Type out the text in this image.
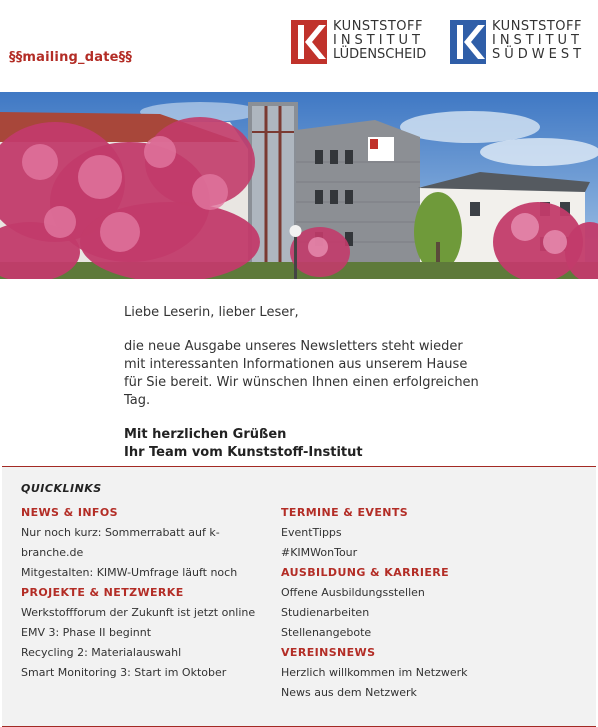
§§mailing_date§§
KUNSTSTOFF
INSTITUT
LÜDENSCHEID
KUNSTSTOFF
INSTITUT
SÜDWEST

Liebe Leserin, lieber Leser,

die neue Ausgabe unseres Newsletters steht wieder mit interessanten Informationen aus unserem Hause für Sie bereit. Wir wünschen Ihnen einen erfolgreichen Tag.

Mit herzlichen Grüßen

Ihr Team vom Kunststoff-Institut

QUICKLINKS
NEWS & INFOS
Nur noch kurz: Sommerrabatt auf k-
branche.de
Mitgestalten: KIMW-Umfrage läuft noch
PROJEKTE & NETZWERKE
Werkstoffforum der Zukunft ist jetzt online
EMV 3: Phase II beginnt
Recycling 2: Materialauswahl
Smart Monitoring 3: Start im Oktober
TERMINE & EVENTS
EventTipps
#KIMWonTour
AUSBILDUNG & KARRIERE
Offene Ausbildungsstellen
Studienarbeiten
Stellenangebote
VEREINSNEWS
Herzlich willkommen im Netzwerk
News aus dem Netzwerk
